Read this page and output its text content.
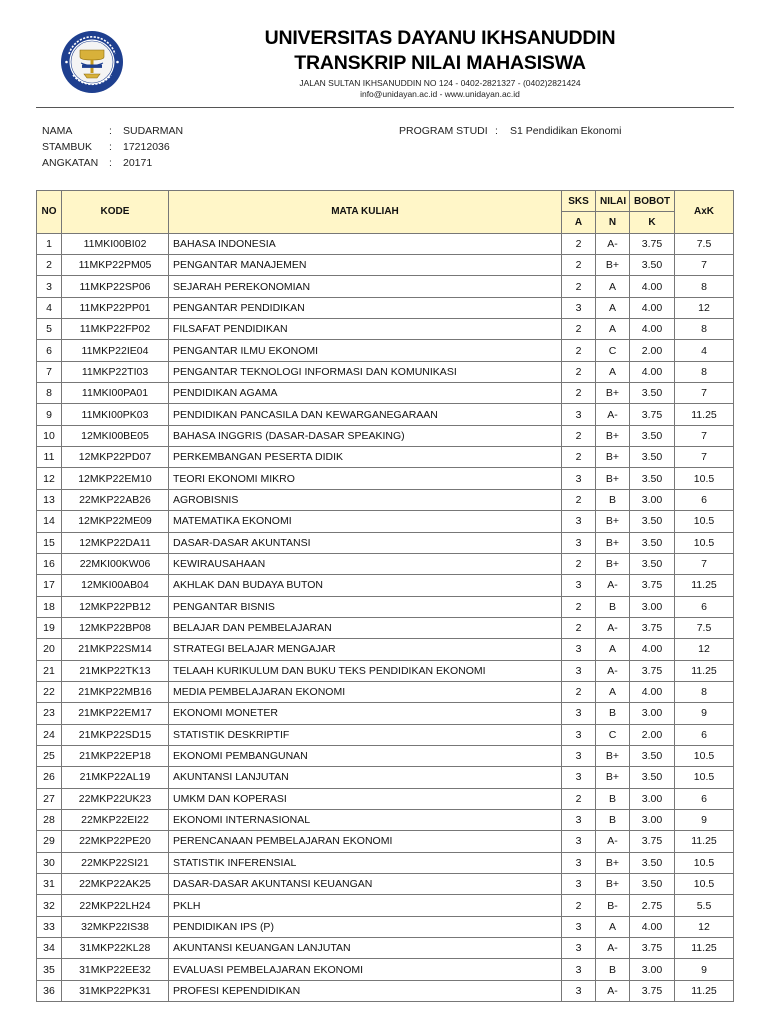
UNIVERSITAS DAYANU IKHSANUDDIN
TRANSKRIP NILAI MAHASISWA
JALAN SULTAN IKHSANUDDIN NO 124 - 0402-2821327 - (0402)2821424
info@unidayan.ac.id - www.unidayan.ac.id
NAMA	: SUDARMAN
STAMBUK : 17212036
ANGKATAN : 20171
PROGRAM STUDI : S1 Pendidikan Ekonomi
NO	KODE	MATA KULIAH	SKS	NILAI	BOBOT	AxK
			A	N	K	
1	11MKI00BI02	BAHASA INDONESIA	2	A-	3.75	7.5
2	11MKP22PM05	PENGANTAR MANAJEMEN	2	B+	3.50	7
3	11MKP22SP06	SEJARAH PEREKONOMIAN	2	A	4.00	8
4	11MKP22PP01	PENGANTAR PENDIDIKAN	3	A	4.00	12
5	11MKP22FP02	FILSAFAT PENDIDIKAN	2	A	4.00	8
6	11MKP22IE04	PENGANTAR ILMU EKONOMI	2	C	2.00	4
7	11MKP22TI03	PENGANTAR TEKNOLOGI INFORMASI DAN KOMUNIKASI	2	A	4.00	8
8	11MKI00PA01	PENDIDIKAN AGAMA	2	B+	3.50	7
9	11MKI00PK03	PENDIDIKAN PANCASILA DAN KEWARGANEGARAAN	3	A-	3.75	11.25
10	12MKI00BE05	BAHASA INGGRIS (DASAR-DASAR SPEAKING)	2	B+	3.50	7
11	12MKP22PD07	PERKEMBANGAN PESERTA DIDIK	2	B+	3.50	7
12	12MKP22EM10	TEORI EKONOMI MIKRO	3	B+	3.50	10.5
13	22MKP22AB26	AGROBISNIS	2	B	3.00	6
14	12MKP22ME09	MATEMATIKA EKONOMI	3	B+	3.50	10.5
15	12MKP22DA11	DASAR-DASAR AKUNTANSI	3	B+	3.50	10.5
16	22MKI00KW06	KEWIRAUSAHAAN	2	B+	3.50	7
17	12MKI00AB04	AKHLAK DAN BUDAYA BUTON	3	A-	3.75	11.25
18	12MKP22PB12	PENGANTAR BISNIS	2	B	3.00	6
19	12MKP22BP08	BELAJAR DAN PEMBELAJARAN	2	A-	3.75	7.5
20	21MKP22SM14	STRATEGI BELAJAR MENGAJAR	3	A	4.00	12
21	21MKP22TK13	TELAAH KURIKULUM DAN BUKU TEKS PENDIDIKAN EKONOMI	3	A-	3.75	11.25
22	21MKP22MB16	MEDIA PEMBELAJARAN EKONOMI	2	A	4.00	8
23	21MKP22EM17	EKONOMI MONETER	3	B	3.00	9
24	21MKP22SD15	STATISTIK DESKRIPTIF	3	C	2.00	6
25	21MKP22EP18	EKONOMI PEMBANGUNAN	3	B+	3.50	10.5
26	21MKP22AL19	AKUNTANSI LANJUTAN	3	B+	3.50	10.5
27	22MKP22UK23	UMKM DAN KOPERASI	2	B	3.00	6
28	22MKP22EI22	EKONOMI INTERNASIONAL	3	B	3.00	9
29	22MKP22PE20	PERENCANAAN PEMBELAJARAN EKONOMI	3	A-	3.75	11.25
30	22MKP22SI21	STATISTIK INFERENSIAL	3	B+	3.50	10.5
31	22MKP22AK25	DASAR-DASAR AKUNTANSI KEUANGAN	3	B+	3.50	10.5
32	22MKP22LH24	PKLH	2	B-	2.75	5.5
33	32MKP22IS38	PENDIDIKAN IPS (P)	3	A	4.00	12
34	31MKP22KL28	AKUNTANSI KEUANGAN LANJUTAN	3	A-	3.75	11.25
35	31MKP22EE32	EVALUASI PEMBELAJARAN EKONOMI	3	B	3.00	9
36	31MKP22PK31	PROFESI KEPENDIDIKAN	3	A-	3.75	11.25
